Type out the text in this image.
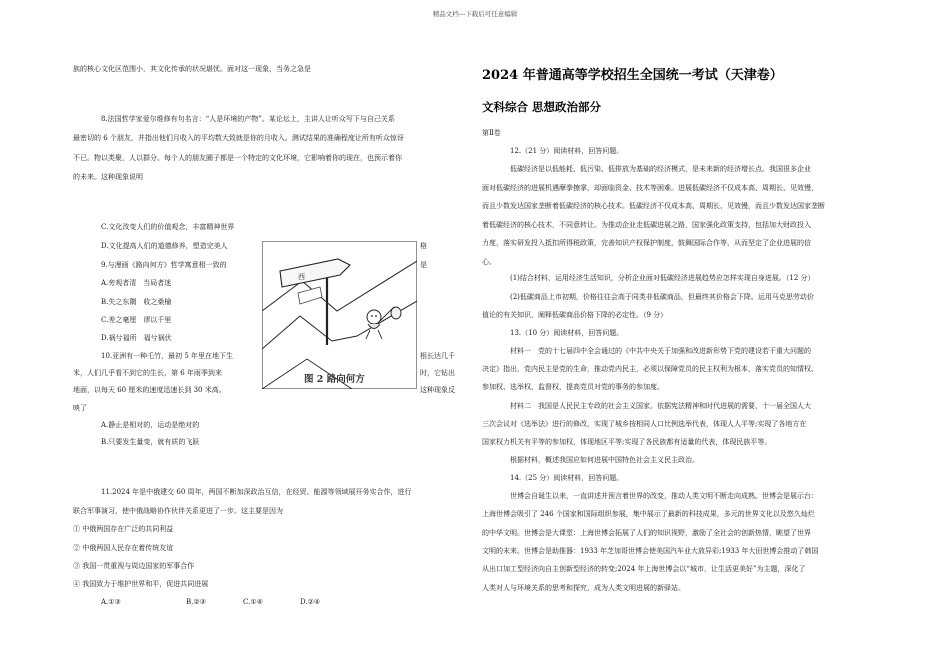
精品文档---下载后可任意编辑
族的核心文化区范围小，其文化传承的状况堪忧。面对这一现象，当务之急是
8.法国哲学家爱尔维修有句名言：“人是环境的产物”。某论坛上，主讲人让听众写下与自己关系
最密切的 6 个朋友，并指出他们月收入的平均数大致就是你的月收入。测试结果的准确程度让所有听众惊讶
不已。物以类聚，人以群分。每个人的朋友圈子都是一个特定的文化环境，它影响着你的现在，也预示着你
的未来。这种现象说明
C.文化改变人们的价值观念，丰富精神世界
D.文化提高人们的道德修养，塑造完美人	格
9.与漫画《路向何方》哲学寓意相一致的	是
A.旁观者清　当局者迷
B.失之东隅　收之桑榆
C.差之毫厘　谬以千里
D.祸兮福所　福兮祸伏
10.亚洲有一种乇竹，最初 5 年里在地下生
米，人们几乎看不到它的生长，第 6 年雨季到来
地面，以每天 60 厘米的速度迅速长到 30 米高。
映了
根长达几千
时，它钻出
这种现象反
A.静止是相对的，运动是绝对的
B.只要发生量变，就有质的飞跃
西
图 2 路向何方
11.2024 年是中俄建交 60 周年，两国不断加深政治互信，在经贸、能源等领域展开务实合作，进行
联合军事演习，使中俄战略协作伙伴关系更进了一步。这主要是因为
① 中俄两国存在广泛的共同利益
② 中俄两国人民存在着传统友谊
③ 我国一贯重视与周边国家的军事合作
④ 我国致力于维护世界和平，促进共同进展
A.①③	B.②③	C.①④	D.②④
2024 年普通高等学校招生全国统一考试（天津卷）
文科综合 思想政治部分
第Ⅱ卷
12.（21 分）阅读材料，回答问题。
低碳经济是以低能耗、低污染、低排放为基础的经济模式，是未来新的经济增长点。我国很多企业
面对低碳经济的进展机遇摩拳擦掌，却面临资金、技术等困难。进展低碳经济不仅成本高、周期长、见效慢，
而且少数发达国家垄断着低碳经济的核心技术。低碳经济不仅成本高、周期长、见效慢，而且少数发达国家垄断
着低碳经济的核心技术，不同意转让。为推动企业走低碳进展之路，国家强化政策支持，包括加大财政投入
力度，落实研发投入抵扣所得税政策，完善知识产权保护制度，鼓舞国际合作等，从而坚定了企业进展的信
心。
(1)结合材料，运用经济生活知识，分析企业面对低碳经济进展趋势应怎样实现自身进展。（12 分）
(2)低碳商品上市初期，价格往往会高于同类非低碳商品，但最终其价格会下降。运用马克思劳动价
值论的有关知识，阐释低碳商品价格下降的必定性。（9 分）
13.（10 分）阅读材料，回答问题。
材料一　党的十七届四中全会通过的《中共中央关于加强和改进新形势下党的建设若干重大问题的
决定》指出，党内民主是党的生命，推动党内民主，必须以保障党员的民主权利为根本，落实党员的知情权、
参加权、选举权、监督权，提高党员对党的事务的参加度。
材料二　我国是人民民主专政的社会主义国家。依据宪法精神和时代进展的需要，十一届全国人大
三次会议对《选举法》进行的修改，实现了城乡按相同人口比例选举代表，体现人人平等;实现了各地方在
国家权力机关有平等的参加权，体现地区平等;实现了各民族都有适量的代表，体现民族平等。
根据材料，概述我国应如何进展中国特色社会主义民主政治。
14.（25 分）阅读材料，回答问题。
世博会自诞生以来，一直讲述并预言着世界的改变，推动人类文明不断走向成熟。世博会是展示台：
上海世博会吸引了 246 个国家和国际组织参展，集中展示了最新的科技成果，多元的世界文化以及悠久灿烂
的中华文明。世博会是大课堂：上海世博会拓展了人们的知识视野，激励了全社会的创新热情，眺望了世界
文明的未来。世博会是助推器：1933 年芝加哥世博会使美国汽车业大放异彩;1933 年大田世博会推动了韩国
从出口加工型经济向自主创新型经济的转变;2024 年上海世博会以“城市，让生活更美好”为主题，深化了
人类对人与环境关系的思考和探究，成为人类文明进展的新驿站。
